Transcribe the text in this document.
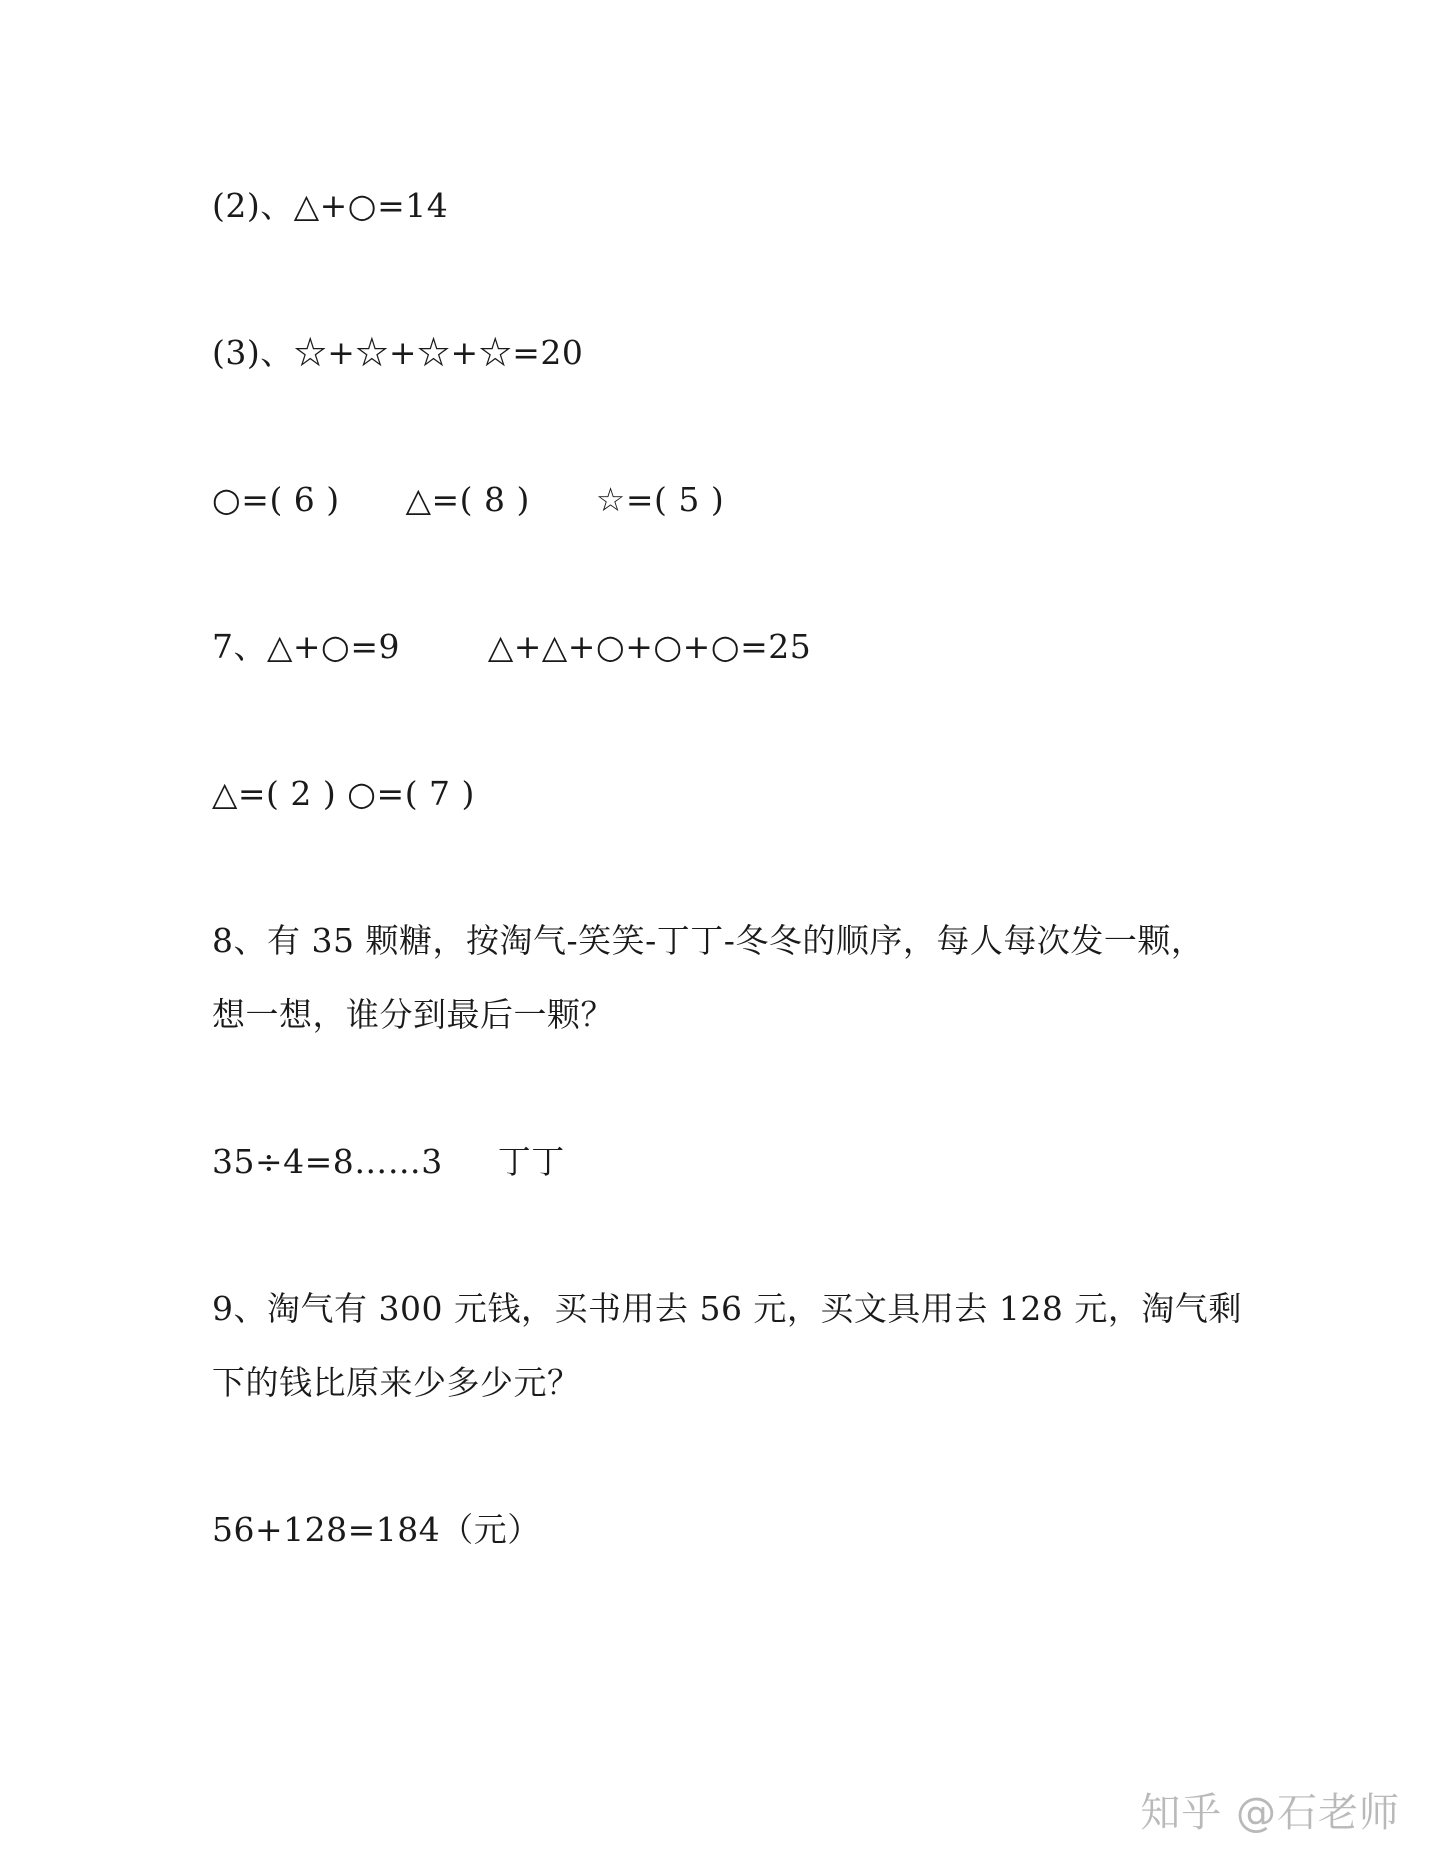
(2)、△+○=14
(3)、☆+☆+☆+☆=20
○=( 6 )      △=( 8 )      ☆=( 5 )
7、△+○=9        △+△+○+○+○=25
△=( 2 ) ○=( 7 )
8、有 35 颗糖，按淘气-笑笑-丁丁-冬冬的顺序，每人每次发一颗，
想一想，谁分到最后一颗？
35÷4=8……3     丁丁
9、淘气有 300 元钱，买书用去 56 元，买文具用去 128 元，淘气剩
下的钱比原来少多少元？
56+128=184（元）
知乎 @石老师
